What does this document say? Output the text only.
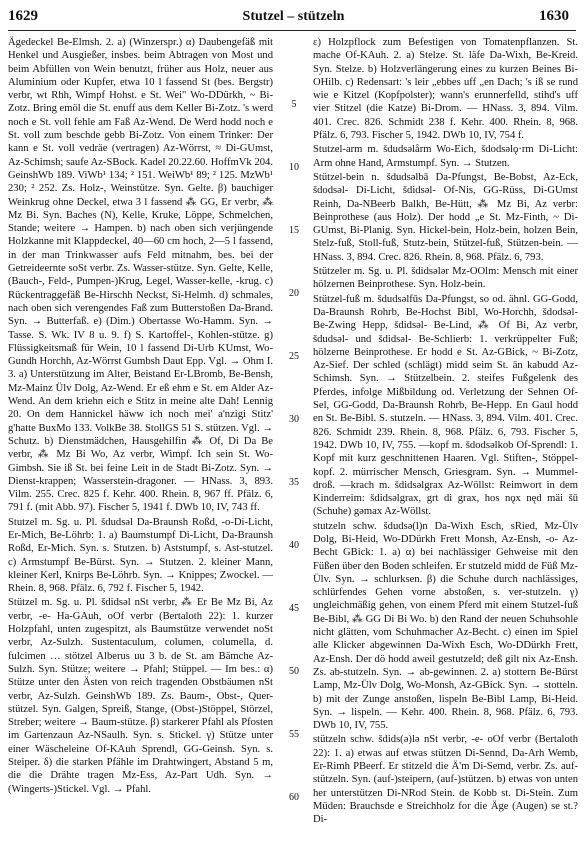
1629	Stutzel – stützeln	1630

Ägedeckel Be-Elmsh. 2. a) (Winzerspr.) α) Daubengefäß mit Henkel und Ausgießer, insbes. beim Abtragen von Most und beim Abfüllen von Wein benutzt, früher aus Holz, neuer aus Aluminium oder Kupfer, etwa 10 l fassend St (bes. Bergstr) verbr, wt Rhh, Wimpf Hohst. e St. Wei" Wo-DDürkh, ~ Bi-Zotz. Bring emöl die St. enuff aus dem Keller Bi-Zotz. 's werd noch e St. voll fehle am Faß Az-Wend. De Werd hodd noch e St. voll zum beschde gebb Bi-Zotz. Von einem Trinker: Der kann e St. voll vedräe (vertragen) Az-Wörrst, ≈ Di-GUmst, Az-Schimsh; saufe Az-SBock. Kadel 20.22.60. HoffmVk 204. GeinshWb 189. ViWb¹ 134; ² 151. WeiWb¹ 89; ² 125. MzWb¹ 230; ² 252. Zs. Holz-, Weinstütze. Syn. Gelte. β) bauchiger Weinkrug ohne Deckel, etwa 3 l fassend ⁂ GG, Er verbr, ⁂ Mz Bi. Syn. Baches (N), Kelle, Kruke, Löppe, Schmelchen, Stande; weitere → Hampen. b) nach oben sich verjüngende Holzkanne mit Klappdeckel, 40—60 cm hoch, 2—5 l fassend, in der man Trinkwasser aufs Feld mitnahm, bes. bei der Getreideernte soSt verbr. Zs. Wasser-stütze. Syn. Gelte, Kelle, (Bauch-, Feld-, Pumpen-)Krug, Legel, Wasser-kelle, -krug. c) Rückentraggefäß Be-Hirschh Neckst, Si-Helmh. d) schmales, nach oben sich verengendes Faß zum Butterstoßen Da-Brand. Syn. → Butterfaß. e) (Dim.) Obertasse Wo-Hamm. Syn. → Tasse. S. Wk. IV 8 u. 9. f) S. Kartoffel-, Kohlen-stütze. g) Flüssigkeitsmaß für Wein, 10 l fassend Di-Urb KUmst, Wo-Gundh Horchh, Az-Wörrst Gumbsh Daut Epp. Vgl. → Ohm I. 3. a) Unterstützung im Alter, Beistand Er-LBromb, Be-Bensh, Mz-Mainz Ülv Dolg, Az-Wend. Er eß ehm e St. em Alder Az-Wend. An dem kriehn eich e Stitz in meine alte Dah! Lennig 20. On dem Hannickel häww ich noch mei' a'nzigi Stitz' g'hatte BuxMo 133. VolkBe 38. StollGS 51 S. stützen. Vgl. → Schutz. b) Dienstmädchen, Hausgehilfin ⁂ Of, Di Da Be verbr, ⁂ Mz Bi Wo, Az verbr, Wimpf. Ich sein St. Wo-Gimbsh. Sie iß St. bei feine Leit in de Stadt Bi-Zotz. Syn. → Dienst-krappen; Wasserstein-dragoner. — HNass. 3, 893. Vilm. 255. Crec. 825 f. Kehr. 400. Rhein. 8, 967 ff. Pfälz. 6, 791 f. (mit Abb. 97). Fischer 5, 1941 f. DWb 10, IV, 743 ff.

Stutzel m. Sg. u. Pl. šdudsəl Da-Braunsh Roßd, -o-Di-Licht, Er-Mich, Be-Löhrb: 1. a) Baumstumpf Di-Licht, Da-Braunsh Roßd, Er-Mich. Syn. s. Stutzen. b) Aststumpf, s. Ast-stutzel. c) Armstumpf Be-Bürst. Syn. → Stutzen. 2. kleiner Mann, kleiner Kerl, Knirps Be-Löhrb. Syn. → Knippes; Zwockel. — Rhein. 8, 968. Pfälz. 6, 792 f. Fischer 5, 1942.

Stützel m. Sg. u. Pl. šdidsəl nSt verbr, ⁂ Er Be Mz Bi, Az verbr, -e- Ha-GAuh, oOf verbr (Bertaloth 22): 1. kurzer Holzpfahl, unten zugespitzt, als Baumstütze verwendet noSt verbr, Az-Sulzh. Sustentaculum, columen, columella, d. fulcimen … stötzel Alberus uu 3 b. de St. am Bämche Az-Sulzh. Syn. Stütze; weitere → Pfahl; Stüppel. — Im bes.: α) Stütze unter den Ästen von reich tragenden Obstbäumen nSt verbr, Az-Sulzh. GeinshWb 189. Zs. Baum-, Obst-, Quer-stützel. Syn. Galgen, Spreiß, Stange, (Obst-)Stöppel, Störzel, Streber; weitere → Baum-stütze. β) starkerer Pfahl als Pfosten im Gartenzaun Az-NSaulh. Syn. s. Stickel. γ) Stütze unter einer Wäscheleine Of-KAuh Sprendl, GG-Geinsh. Syn. s. Steiper. δ) die starken Pfähle im Drahtwingert, Abstand 5 m, die die Drähte tragen Mz-Ess, Az-Part Udh. Syn. → (Wingerts-)Stickel. Vgl. → Pfahl.

5
10
15
20
25
30
35
40
45
50
55
60

ε) Holzpflock zum Befestigen von Tomatenpflanzen. St. mache Of-KAuh. 2. a) Stelze. St. läfe Da-Wixh, Be-Kreid. Syn. Stelze. b) Holzverlängerung eines zu kurzen Beines Bi-OHilb. c) Redensart: 's leir „ebbes uff „en Dach; 's iß se rund wie e Kitzel (Kopfpolster); wann's erunnerfelld, stihd's uff vier Stitzel (die Katze) Bi-Drom. — HNass. 3, 894. Vilm. 401. Crec. 826. Schmidt 238 f. Kehr. 400. Rhein. 8, 968. Pfälz. 6, 793. Fischer 5, 1942. DWb 10, IV, 754 f.

Stutzel-arm m. šdudsəlårm Wo-Eich, šdodsəlǫ·rm Di-Licht: Arm ohne Hand, Armstumpf. Syn. → Stutzen.

Stützel-bein n. šdudsəlbā Da-Pfungst, Be-Bobst, Az-Eck, šdodsəl- Di-Licht, šdidsəl- Of-Nis, GG-Rüss, Di-GUmst Reinh, Da-NBeerb Balkh, Be-Hütt, ⁂ Mz Bi, Az verbr: Beinprothese (aus Holz). Der hodd „e St. Mz-Finth, ~ Di-GUmst, Bi-Planig. Syn. Hickel-bein, Holz-bein, holzen Bein, Stelz-fuß, Stoll-fuß, Stutz-bein, Stützel-fuß, Stützen-bein. — HNass. 3, 894. Crec. 826. Rhein. 8, 968. Pfälz. 6, 793.

Stützeler m. Sg. u. Pl. šdidsələr Mz-OOlm: Mensch mit einer hölzernen Beinprothese. Syn. Holz-bein.

Stützel-fuß m. šdudsəlfūs Da-Pfungst, so od. ähnl. GG-Godd, Da-Braunsh Rohrb, Be-Hochst Bibl, Wo-Horchh, šdodsəl- Be-Zwing Hepp, šdidsəl- Be-Lind, ⁂ Of Bi, Az verbr, šdudsəl- und šdidsəl- Be-Schlierb: 1. verkrüppelter Fuß; hölzerne Beinprothese. Er hodd e St. Az-GBick, ~ Bi-Zotz, Az-Sief. Der schled (schlägt) midd seim St. än kabudd Az-Schimsh. Syn. → Stützelbein. 2. steifes Fußgelenk des Pferdes, infolge Mißbildung od. Verletzung der Sehnen Of-Sel, GG-Godd, Da-Braunsh Rohrb, Be-Hepp. En Gaul hodd en St. Be-Bibl. S. stutzeln. — HNass. 3, 894. Vilm. 401. Crec. 826. Schmidt 239. Rhein. 8, 968. Pfälz. 6, 793. Fischer 5, 1942. DWb 10, IV, 755. —kopf m. šdodsəlkob Of-Sprendl: 1. Kopf mit kurz geschnittenen Haaren. Vgl. Stiften-, Stöppel-kopf. 2. mürrischer Mensch, Griesgram. Syn. → Mummel-droß. —krach m. šdidsəlgrax Az-Wöllst: Reimwort in dem Kinderreim: šdidsəlgrax, grt di grax, hos nǫx nęd mäi šū (Schuhe) gəmax Az-Wöllst.

stutzeln schw. šdudsə(l)n Da-Wixh Esch, sRied, Mz-Ülv Dolg, Bi-Heid, Wo-DDürkh Frett Monsh, Az-Ensh, -o- Az-Becht GBick: 1. a) α) bei nachlässiger Gehweise mit den Füßen über den Boden schleifen. Er stutzeld midd de Füß Mz-Ülv. Syn. → schlurksen. β) die Schuhe durch nachlässiges, schlürfendes Gehen vorne abstoßen, s. ver-stutzeln. γ) ungleichmäßig gehen, von einem Pferd mit einem Stutzel-fuß Be-Bibl, ⁂ GG Di Bi Wo. b) den Rand der neuen Schuhsohle nicht glätten, vom Schuhmacher Az-Becht. c) einen im Spiel alle Klicker abgewinnen Da-Wixh Esch, Wo-DDürkh Frett, Az-Ensh. Der dö hodd aweil gestutzeld; deß gilt nix Az-Ensh. Zs. ab-stutzeln. Syn. → ab-gewinnen. 2. a) stottern Be-Bürst Lamp, Mz-Ülv Dolg, Wo-Monsh, Az-GBick. Syn. → stotteln. b) mit der Zunge anstoßen, lispeln Be-Bibl Lamp, Bi-Heid. Syn. → lispeln. — Kehr. 400. Rhein. 8, 968. Pfälz. 6, 793. DWb 10, IV, 755.

stützeln schw. šdids(ə)lə nSt verbr, -e- oOf verbr (Bertaloth 22): 1. a) etwas auf etwas stützen Di-Sennd, Da-Arh Wemb, Er-Rimh PBeerf. Er stitzeld die Ä'm Di-Semd, verbr. Zs. auf-stützeln. Syn. (auf-)steipern, (auf-)stützen. b) etwas von unten her unterstützen Di-NRod Stein. de Kobb st. Di-Stein. Zum Müden: Brauchsde e Streichholz for die Äge (Augen) se st.? Di-
